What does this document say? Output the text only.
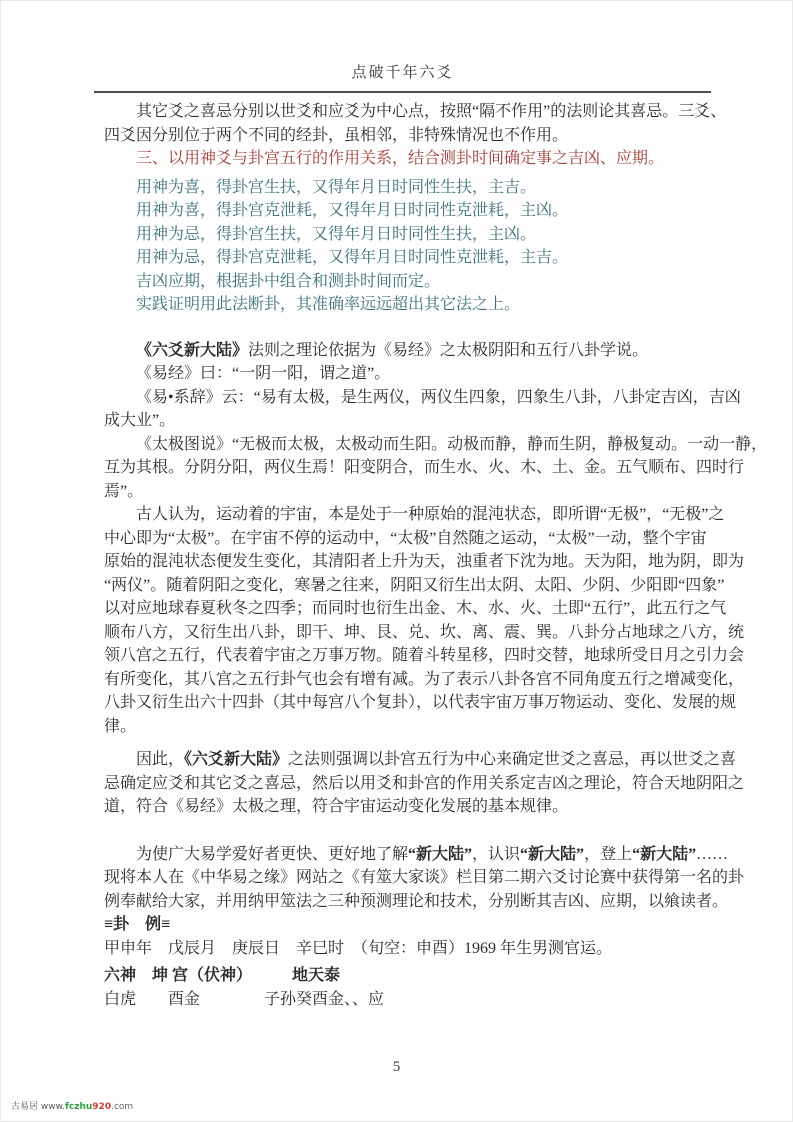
点破千年六爻
其它爻之喜忌分别以世爻和应爻为中心点，按照“隔不作用”的法则论其喜忌。三爻、
四爻因分别位于两个不同的经卦，虽相邻，非特殊情况也不作用。
三、以用神爻与卦宫五行的作用关系，结合测卦时间确定事之吉凶、应期。
用神为喜，得卦宫生扶，又得年月日时同性生扶，主吉。
用神为喜，得卦宫克泄耗，又得年月日时同性克泄耗，主凶。
用神为忌，得卦宫生扶，又得年月日时同性生扶，主凶。
用神为忌，得卦宫克泄耗，又得年月日时同性克泄耗，主吉。
吉凶应期，根据卦中组合和测卦时间而定。
实践证明用此法断卦，其准确率远远超出其它法之上。
《六爻新大陆》法则之理论依据为《易经》之太极阴阳和五行八卦学说。
《易经》曰：“一阴一阳，谓之道”。
《易•系辞》云：“易有太极，是生两仪，两仪生四象，四象生八卦，八卦定吉凶，吉凶
成大业”。
《太极图说》“无极而太极，太极动而生阳。动极而静，静而生阴，静极复动。一动一静，
互为其根。分阴分阳，两仪生焉！阳变阴合，而生水、火、木、土、金。五气顺布、四时行
焉”。
古人认为，运动着的宇宙，本是处于一种原始的混沌状态，即所谓“无极”，“无极”之
中心即为“太极”。在宇宙不停的运动中，“太极”自然随之运动，“太极”一动，整个宇宙
原始的混沌状态便发生变化，其清阳者上升为天，浊重者下沈为地。天为阳，地为阴，即为
“两仪”。随着阴阳之变化，寒暑之往来，阴阳又衍生出太阴、太阳、少阴、少阳即“四象”
以对应地球春夏秋冬之四季；而同时也衍生出金、木、水、火、土即“五行”，此五行之气
顺布八方，又衍生出八卦，即干、坤、艮、兑、坎、离、震、巽。八卦分占地球之八方，统
领八宫之五行，代表着宇宙之万事万物。随着斗转星移，四时交替，地球所受日月之引力会
有所变化，其八宫之五行卦气也会有增有减。为了表示八卦各宫不同角度五行之增减变化，
八卦又衍生出六十四卦（其中每宫八个复卦），以代表宇宙万事万物运动、变化、发展的规
律。
因此，《六爻新大陆》之法则强调以卦宫五行为中心来确定世爻之喜忌，再以世爻之喜
忌确定应爻和其它爻之喜忌，然后以用爻和卦宫的作用关系定吉凶之理论，符合天地阴阳之
道，符合《易经》太极之理，符合宇宙运动变化发展的基本规律。
为使广大易学爱好者更快、更好地了解“新大陆”，认识“新大陆”，登上“新大陆”……
现将本人在《中华易之缘》网站之《有筮大家谈》栏目第二期六爻讨论赛中获得第一名的卦
例奉献给大家，并用纳甲筮法之三种预测理论和技术，分别断其吉凶、应期，以飨读者。
≡卦　例≡
甲申年　戊辰月　庚辰日　辛巳时　（旬空：申酉）1969 年生男测官运。
六神　坤 宫（伏神）　　　地天泰
白虎　　酉金　　　　子孙癸酉金、、应
5
古易居 www.fczhu920.com
